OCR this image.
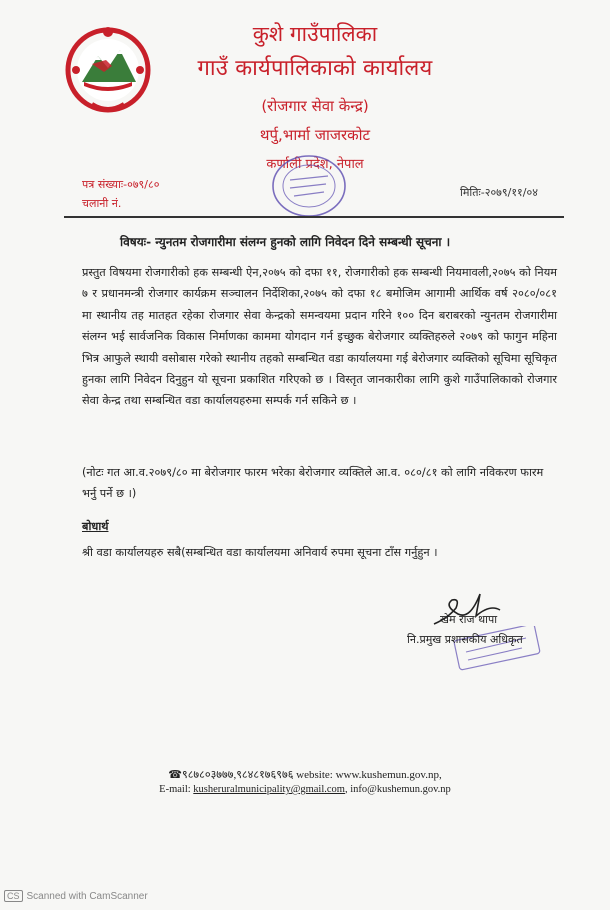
कुशे गाउँपालिका
गाउँ कार्यपालिकाको कार्यालय
(रोजगार सेवा केन्द्र)
थर्पु,भार्मा जाजरकोट
कर्णाली प्रदेश, नेपाल
पत्र संख्याः-०७९/८०
चलानी नं.
मितिः-२०७९/११/०४
विषयः- न्युनतम रोजगारीमा संलग्न हुनको लागि निवेदन दिने सम्बन्धी सूचना ।
प्रस्तुत विषयमा रोजगारीको हक सम्बन्धी ऐन,२०७५ को दफा ११, रोजगारीको हक सम्बन्धी नियमावली,२०७५ को नियम ७ र प्रधानमन्त्री रोजगार कार्यक्रम सञ्चालन निर्देशिका,२०७५ को दफा १८ बमोजिम आगामी आर्थिक वर्ष २०८०/०८१ मा स्थानीय तह मातहत रहेका रोजगार सेवा केन्द्रको समन्वयमा प्रदान गरिने १०० दिन बराबरको न्युनतम रोजगारीमा संलग्न भई सार्वजनिक विकास निर्माणका काममा योगदान गर्न इच्छुक बेरोजगार व्यक्तिहरुले २०७९ को फागुन महिना भित्र आफुले स्थायी वसोबास गरेको स्थानीय तहको सम्बन्धित वडा कार्यालयमा गई बेरोजगार व्यक्तिको सूचिमा सूचिकृत हुनका लागि निवेदन दिनुहुन यो सूचना प्रकाशित गरिएको छ । विस्तृत जानकारीका लागि कुशे गाउँपालिकाको रोजगार सेवा केन्द्र तथा सम्बन्धित वडा कार्यालयहरुमा सम्पर्क गर्न सकिने छ ।
(नोटः गत आ.व.२०७९/८० मा बेरोजगार फारम भरेका बेरोजगार व्यक्तिले आ.व. ०८०/८१ को लागि नविकरण फारम भर्नु पर्ने छ ।)
बोधार्थ
श्री वडा कार्यालयहरु सबै(सम्बन्धित वडा कार्यालयमा अनिवार्य रुपमा सूचना टाँस गर्नुहुन ।
खेम राज थापा
नि.प्रमुख प्रशासकीय अधिकृत
☎९८७८०३७७७,९८४८१७६९७६ website: www.kushemun.gov.np,
E-mail: kusheruralmunicipality@gmail.com, info@kushemun.gov.np
CS Scanned with CamScanner
